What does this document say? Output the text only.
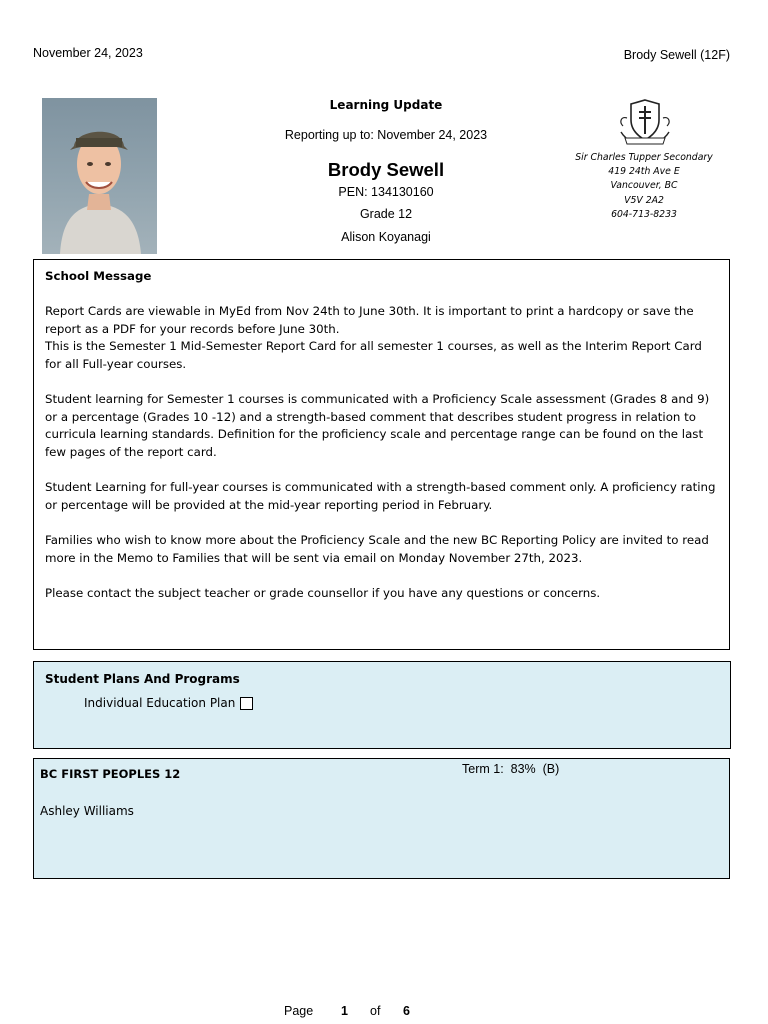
November 24, 2023	Brody Sewell (12F)
Learning Update
Reporting up to: November 24, 2023
Brody Sewell
PEN: 134130160
Grade 12
Alison Koyanagi
Sir Charles Tupper Secondary
419 24th Ave E
Vancouver, BC
V5V 2A2
604-713-8233
School Message

Report Cards are viewable in MyEd from Nov 24th to June 30th. It is important to print a hardcopy or save the report as a PDF for your records before June 30th.
This is the Semester 1 Mid-Semester Report Card for all semester 1 courses, as well as the Interim Report Card for all Full-year courses.

Student learning for Semester 1 courses is communicated with a Proficiency Scale assessment (Grades 8 and 9) or a percentage (Grades 10 -12) and a strength-based comment that describes student progress in relation to curricula learning standards. Definition for the proficiency scale and percentage range can be found on the last few pages of the report card.

Student Learning for full-year courses is communicated with a strength-based comment only. A proficiency rating or percentage will be provided at the mid-year reporting period in February.

Families who wish to know more about the Proficiency Scale and the new BC Reporting Policy are invited to read more in the Memo to Families that will be sent via email on Monday November 27th, 2023.

Please contact the subject teacher or grade counsellor if you have any questions or concerns.

Student Plans And Programs
Individual Education Plan
BC FIRST PEOPLES 12	Term 1:  83%  (B)
Ashley Williams
Page 1 of 6
